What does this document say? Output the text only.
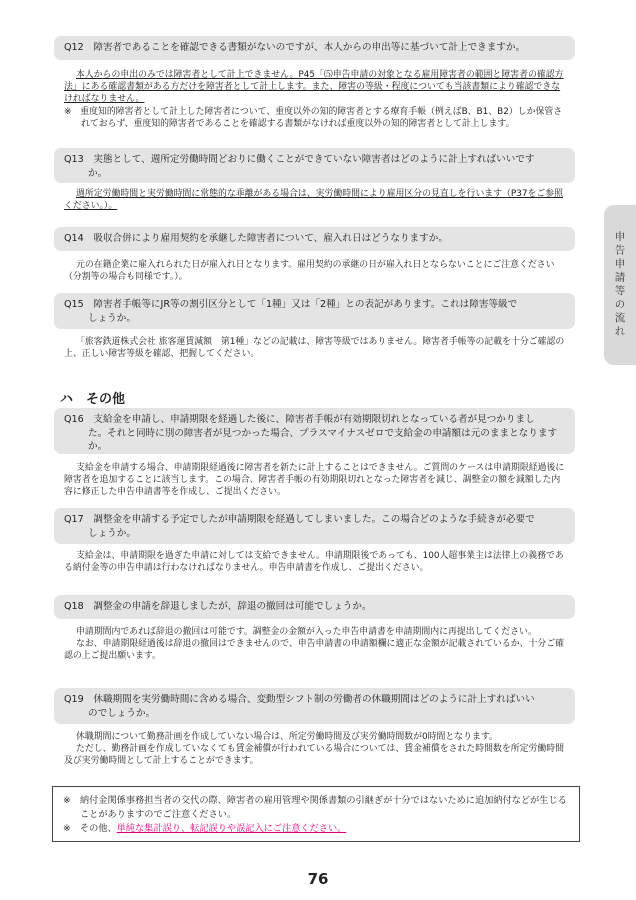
申告申請等の流れ
Q12　障害者であることを確認できる書類がないのですが、本人からの申出等に基づいて計上できますか。
本人からの申出のみでは障害者として計上できません。P45「⑸申告申請の対象となる雇用障害者の範囲と障害者の確認方法」にある確認書類がある方だけを障害者として計上します。また、障害の等級・程度についても当該書類により確認できなければなりません。
※　重度知的障害者として計上した障害者について、重度以外の知的障害者とする療育手帳（例えばB、B1、B2）しか保管されておらず、重度知的障害者であることを確認する書類がなければ重度以外の知的障害者として計上します。
Q13　実態として、週所定労働時間どおりに働くことができていない障害者はどのように計上すればいいです
か。
週所定労働時間と実労働時間に常態的な乖離がある場合は、実労働時間により雇用区分の見直しを行います（P37をご参照ください。）。
Q14　吸収合併により雇用契約を承継した障害者について、雇入れ日はどうなりますか。
元の在籍企業に雇入れられた日が雇入れ日となります。雇用契約の承継の日が雇入れ日とならないことにご注意ください（分割等の場合も同様です。）。
Q15　障害者手帳等にJR等の割引区分として「1種」又は「2種」との表記があります。これは障害等級で
しょうか。
「旅客鉄道株式会社 旅客運賃減額　第1種」などの記載は、障害等級ではありません。障害者手帳等の記載を十分ご確認の上、正しい障害等級を確認、把握してください。
ハ　その他
Q16　支給金を申請し、申請期限を経過した後に、障害者手帳が有効期限切れとなっている者が見つかりまし
た。それと同時に別の障害者が見つかった場合、プラスマイナスゼロで支給金の申請額は元のままとなりますか。
支給金を申請する場合、申請期限経過後に障害者を新たに計上することはできません。ご質問のケースは申請期限経過後に障害者を追加することに該当します。この場合、障害者手帳の有効期限切れとなった障害者を減じ、調整金の額を減額した内容に修正した申告申請書等を作成し、ご提出ください。
Q17　調整金を申請する予定でしたが申請期限を経過してしまいました。この場合どのような手続きが必要で
しょうか。
支給金は、申請期限を過ぎた申請に対しては支給できません。申請期限後であっても、100人超事業主は法律上の義務である納付金等の申告申請は行わなければなりません。申告申請書を作成し、ご提出ください。
Q18　調整金の申請を辞退しましたが、辞退の撤回は可能でしょうか。
申請期間内であれば辞退の撤回は可能です。調整金の金額が入った申告申請書を申請期間内に再提出してください。
なお、申請期限経過後は辞退の撤回はできませんので、申告申請書の申請額欄に適正な金額が記載されているか、十分ご確認の上ご提出願います。
Q19　休職期間を実労働時間に含める場合、変動型シフト制の労働者の休職期間はどのように計上すればいい
のでしょうか。
休職期間について勤務計画を作成していない場合は、所定労働時間及び実労働時間数が0時間となります。
ただし、勤務計画を作成していなくても賃金補償が行われている場合については、賃金補償をされた時間数を所定労働時間及び実労働時間として計上することができます。
※　納付金関係事務担当者の交代の際、障害者の雇用管理や関係書類の引継ぎが十分ではないために追加納付などが生じることがありますのでご注意ください。
※　その他、単純な集計誤り、転記誤りや誤記入にご注意ください。
76
